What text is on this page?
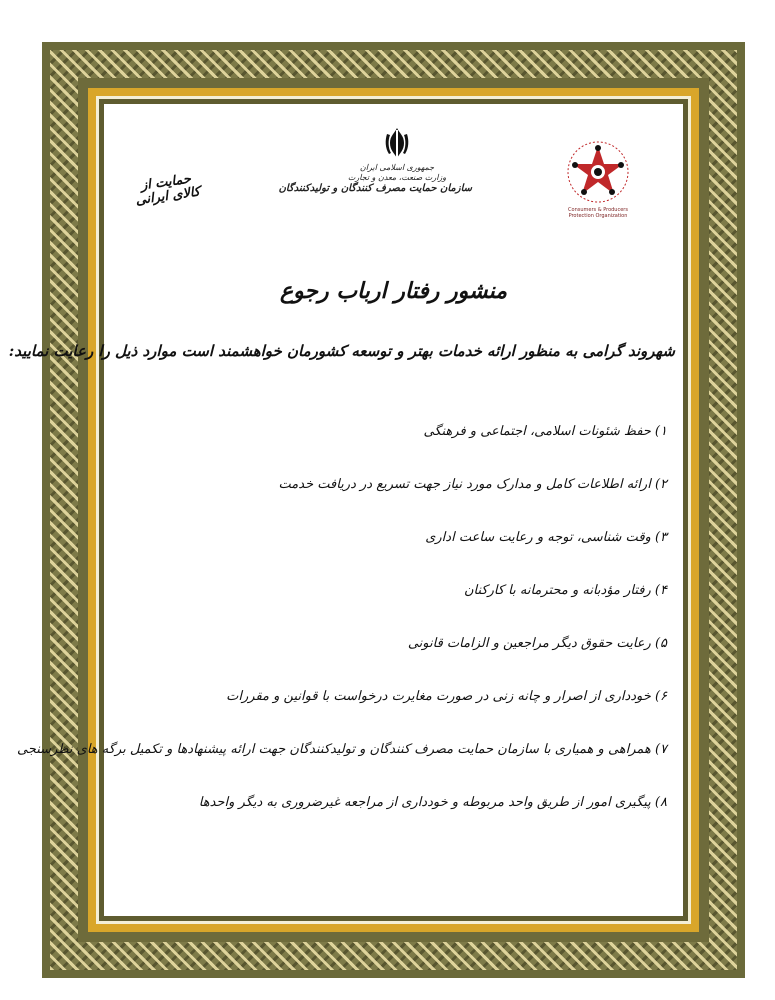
حمایت از کالای ایرانی
جمهوری اسلامی ایران
وزارت صنعت، معدن و تجارت
سازمان حمایت مصرف کنندگان و تولیدکنندگان
Consumers & Producers Protection Organization
منشور رفتار ارباب رجوع
شهروند گرامی به منظور ارائه خدمات بهتر و توسعه کشورمان خواهشمند است موارد ذیل را رعایت نمایید:
۱) حفظ شئونات اسلامی، اجتماعی و فرهنگی
۲) ارائه اطلاعات کامل و مدارک مورد نیاز جهت تسریع در دریافت خدمت
۳) وقت شناسی، توجه و رعایت ساعت اداری
۴) رفتار مؤدبانه و محترمانه با کارکنان
۵) رعایت حقوق دیگر مراجعین و الزامات قانونی
۶) خودداری از اصرار و چانه زنی در صورت مغایرت درخواست با قوانین و مقررات
۷) همراهی و همیاری با سازمان حمایت مصرف کنندگان و تولیدکنندگان جهت ارائه پیشنهادها و تکمیل برگه های نظرسنجی
۸) پیگیری امور از طریق واحد مربوطه و خودداری از مراجعه غیرضروری به دیگر واحدها
